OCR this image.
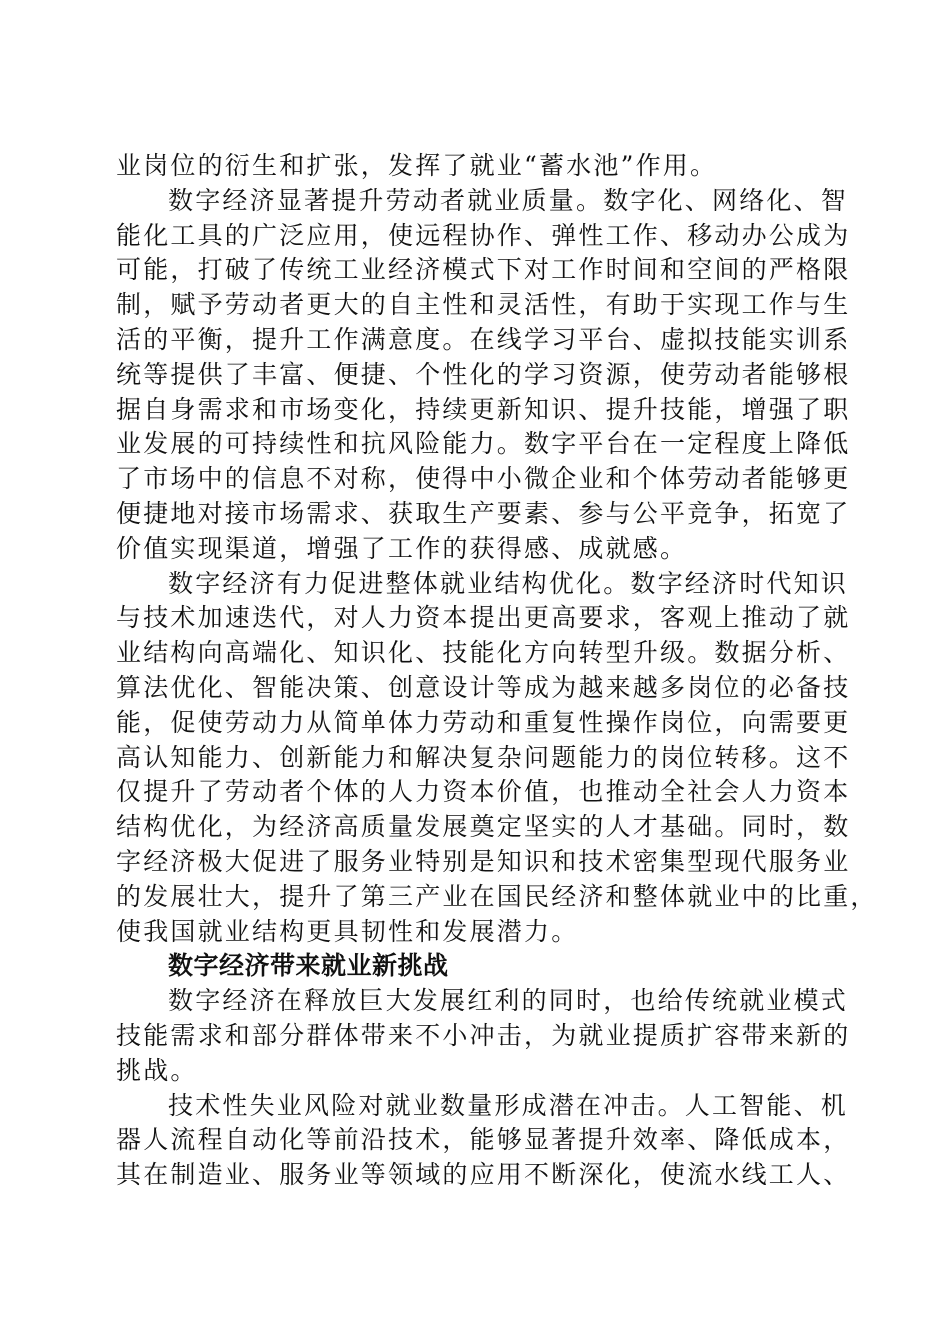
业岗位的衍生和扩张，发挥了就业“蓄水池”作用。
数字经济显著提升劳动者就业质量。数字化、网络化、智
能化工具的广泛应用，使远程协作、弹性工作、移动办公成为
可能，打破了传统工业经济模式下对工作时间和空间的严格限
制，赋予劳动者更大的自主性和灵活性，有助于实现工作与生
活的平衡，提升工作满意度。在线学习平台、虚拟技能实训系
统等提供了丰富、便捷、个性化的学习资源，使劳动者能够根
据自身需求和市场变化，持续更新知识、提升技能，增强了职
业发展的可持续性和抗风险能力。数字平台在一定程度上降低
了市场中的信息不对称，使得中小微企业和个体劳动者能够更
便捷地对接市场需求、获取生产要素、参与公平竞争，拓宽了
价值实现渠道，增强了工作的获得感、成就感。
数字经济有力促进整体就业结构优化。数字经济时代知识
与技术加速迭代，对人力资本提出更高要求，客观上推动了就
业结构向高端化、知识化、技能化方向转型升级。数据分析、
算法优化、智能决策、创意设计等成为越来越多岗位的必备技
能，促使劳动力从简单体力劳动和重复性操作岗位，向需要更
高认知能力、创新能力和解决复杂问题能力的岗位转移。这不
仅提升了劳动者个体的人力资本价值，也推动全社会人力资本
结构优化，为经济高质量发展奠定坚实的人才基础。同时，数
字经济极大促进了服务业特别是知识和技术密集型现代服务业
的发展壮大，提升了第三产业在国民经济和整体就业中的比重，
使我国就业结构更具韧性和发展潜力。
数字经济带来就业新挑战
数字经济在释放巨大发展红利的同时，也给传统就业模式
技能需求和部分群体带来不小冲击，为就业提质扩容带来新的
挑战。
技术性失业风险对就业数量形成潜在冲击。人工智能、机
器人流程自动化等前沿技术，能够显著提升效率、降低成本，
其在制造业、服务业等领域的应用不断深化，使流水线工人、
